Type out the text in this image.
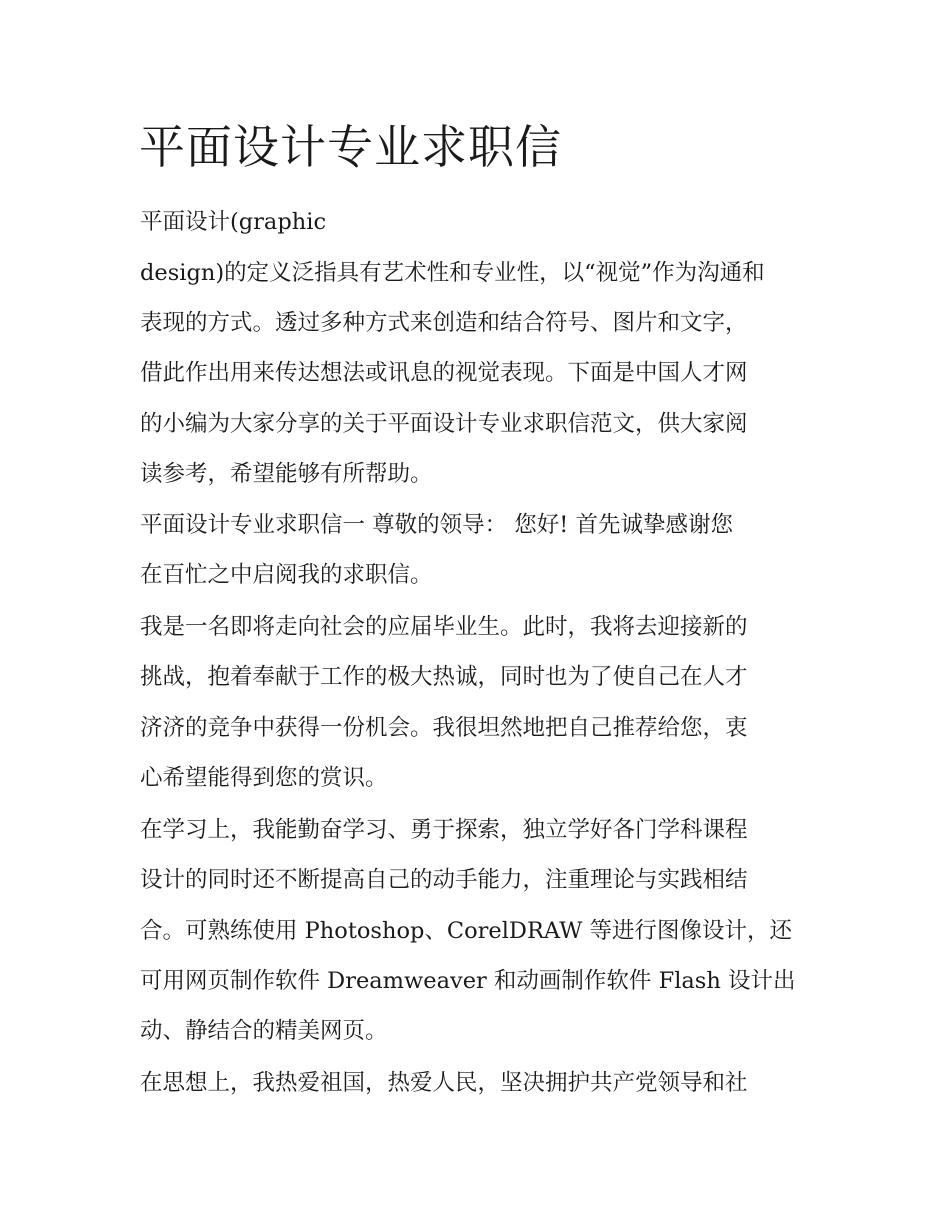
平面设计专业求职信

平面设计(graphic

design)的定义泛指具有艺术性和专业性，以“视觉”作为沟通和

表现的方式。透过多种方式来创造和结合符号、图片和文字，

借此作出用来传达想法或讯息的视觉表现。下面是中国人才网

的小编为大家分享的关于平面设计专业求职信范文，供大家阅

读参考，希望能够有所帮助。

平面设计专业求职信一 尊敬的领导： 您好! 首先诚挚感谢您

在百忙之中启阅我的求职信。

我是一名即将走向社会的应届毕业生。此时，我将去迎接新的

挑战，抱着奉献于工作的极大热诚，同时也为了使自己在人才

济济的竞争中获得一份机会。我很坦然地把自己推荐给您，衷

心希望能得到您的赏识。

在学习上，我能勤奋学习、勇于探索，独立学好各门学科课程

设计的同时还不断提高自己的动手能力，注重理论与实践相结

合。可熟练使用 Photoshop、CorelDRAW 等进行图像设计，还

可用网页制作软件 Dreamweaver 和动画制作软件 Flash 设计出

动、静结合的精美网页。

在思想上，我热爱祖国，热爱人民，坚决拥护共产党领导和社
